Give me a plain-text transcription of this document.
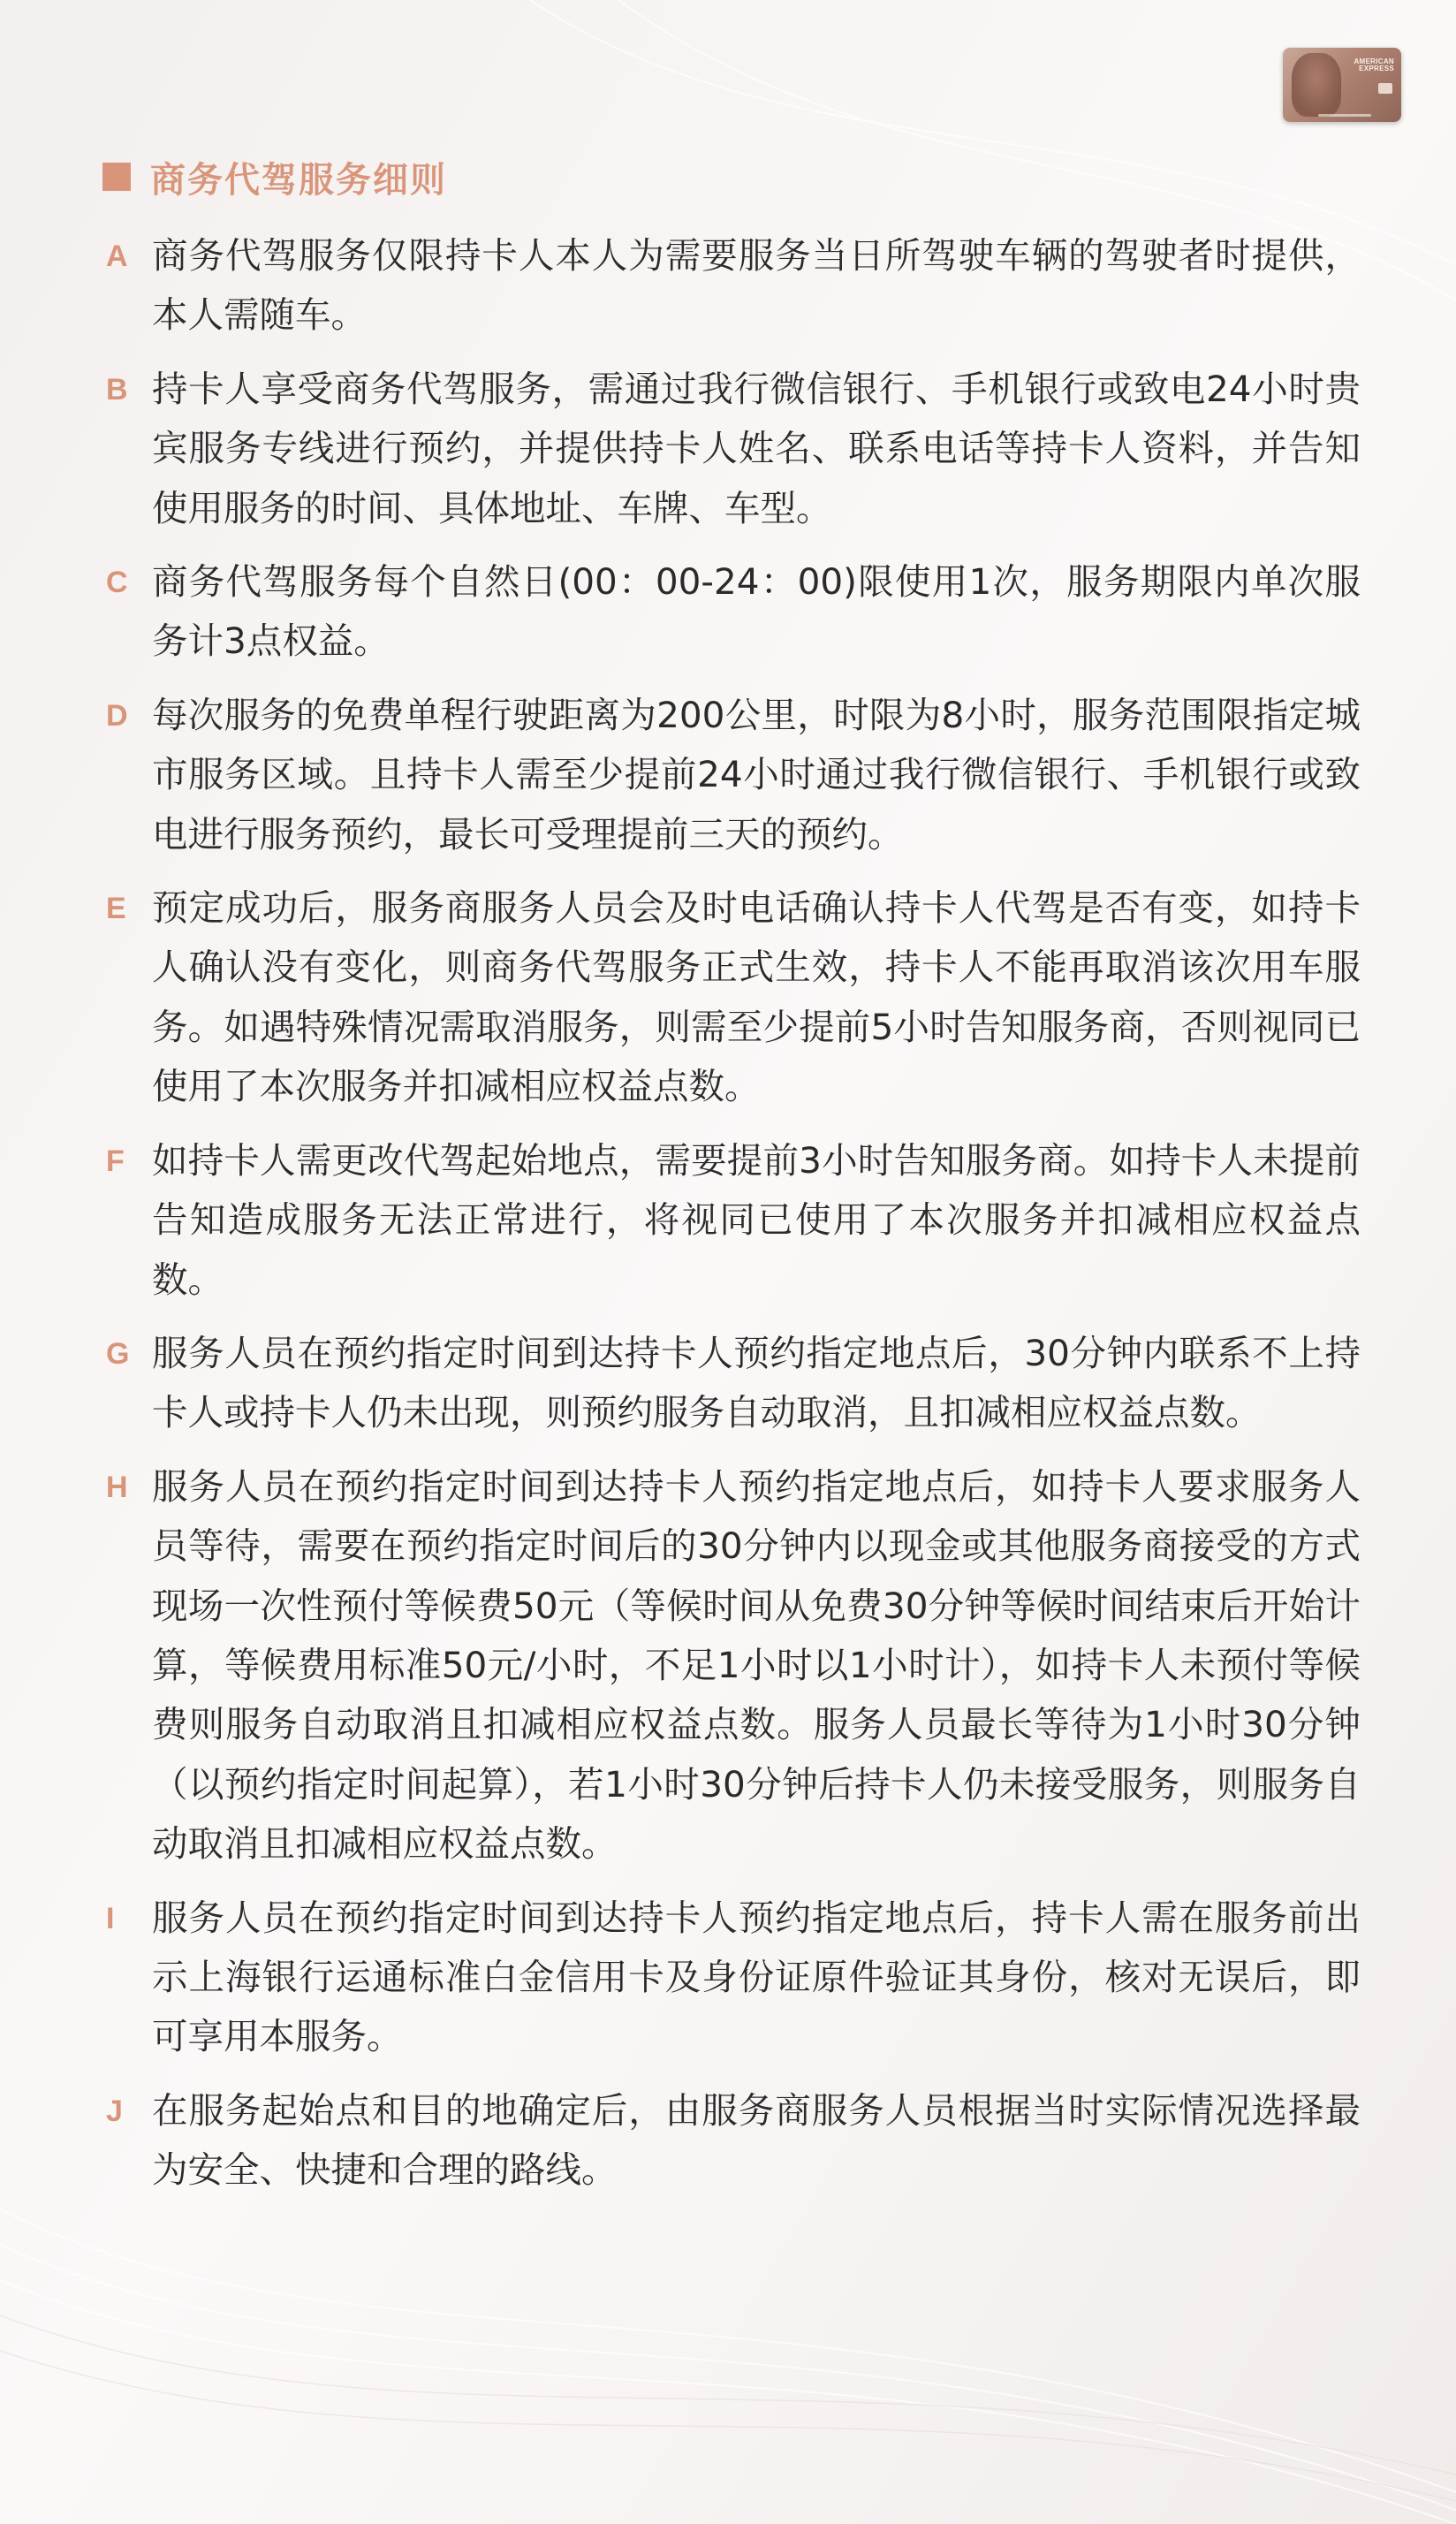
AMERICAN
EXPRESS
商务代驾服务细则
A 商务代驾服务仅限持卡人本人为需要服务当日所驾驶车辆的驾驶者时提供，本人需随车。
B 持卡人享受商务代驾服务，需通过我行微信银行、手机银行或致电24小时贵宾服务专线进行预约，并提供持卡人姓名、联系电话等持卡人资料，并告知使用服务的时间、具体地址、车牌、车型。
C 商务代驾服务每个自然日(00：00-24：00)限使用1次，服务期限内单次服务计3点权益。
D 每次服务的免费单程行驶距离为200公里，时限为8小时，服务范围限指定城市服务区域。且持卡人需至少提前24小时通过我行微信银行、手机银行或致电进行服务预约，最长可受理提前三天的预约。
E 预定成功后，服务商服务人员会及时电话确认持卡人代驾是否有变，如持卡人确认没有变化，则商务代驾服务正式生效，持卡人不能再取消该次用车服务。如遇特殊情况需取消服务，则需至少提前5小时告知服务商，否则视同已使用了本次服务并扣减相应权益点数。
F 如持卡人需更改代驾起始地点，需要提前3小时告知服务商。如持卡人未提前告知造成服务无法正常进行，将视同已使用了本次服务并扣减相应权益点数。
G 服务人员在预约指定时间到达持卡人预约指定地点后，30分钟内联系不上持卡人或持卡人仍未出现，则预约服务自动取消，且扣减相应权益点数。
H 服务人员在预约指定时间到达持卡人预约指定地点后，如持卡人要求服务人员等待，需要在预约指定时间后的30分钟内以现金或其他服务商接受的方式现场一次性预付等候费50元（等候时间从免费30分钟等候时间结束后开始计算，等候费用标准50元/小时，不足1小时以1小时计），如持卡人未预付等候费则服务自动取消且扣减相应权益点数。服务人员最长等待为1小时30分钟（以预约指定时间起算），若1小时30分钟后持卡人仍未接受服务，则服务自动取消且扣减相应权益点数。
I	服务人员在预约指定时间到达持卡人预约指定地点后，持卡人需在服务前出示上海银行运通标准白金信用卡及身份证原件验证其身份，核对无误后，即可享用本服务。
J 在服务起始点和目的地确定后，由服务商服务人员根据当时实际情况选择最为安全、快捷和合理的路线。
